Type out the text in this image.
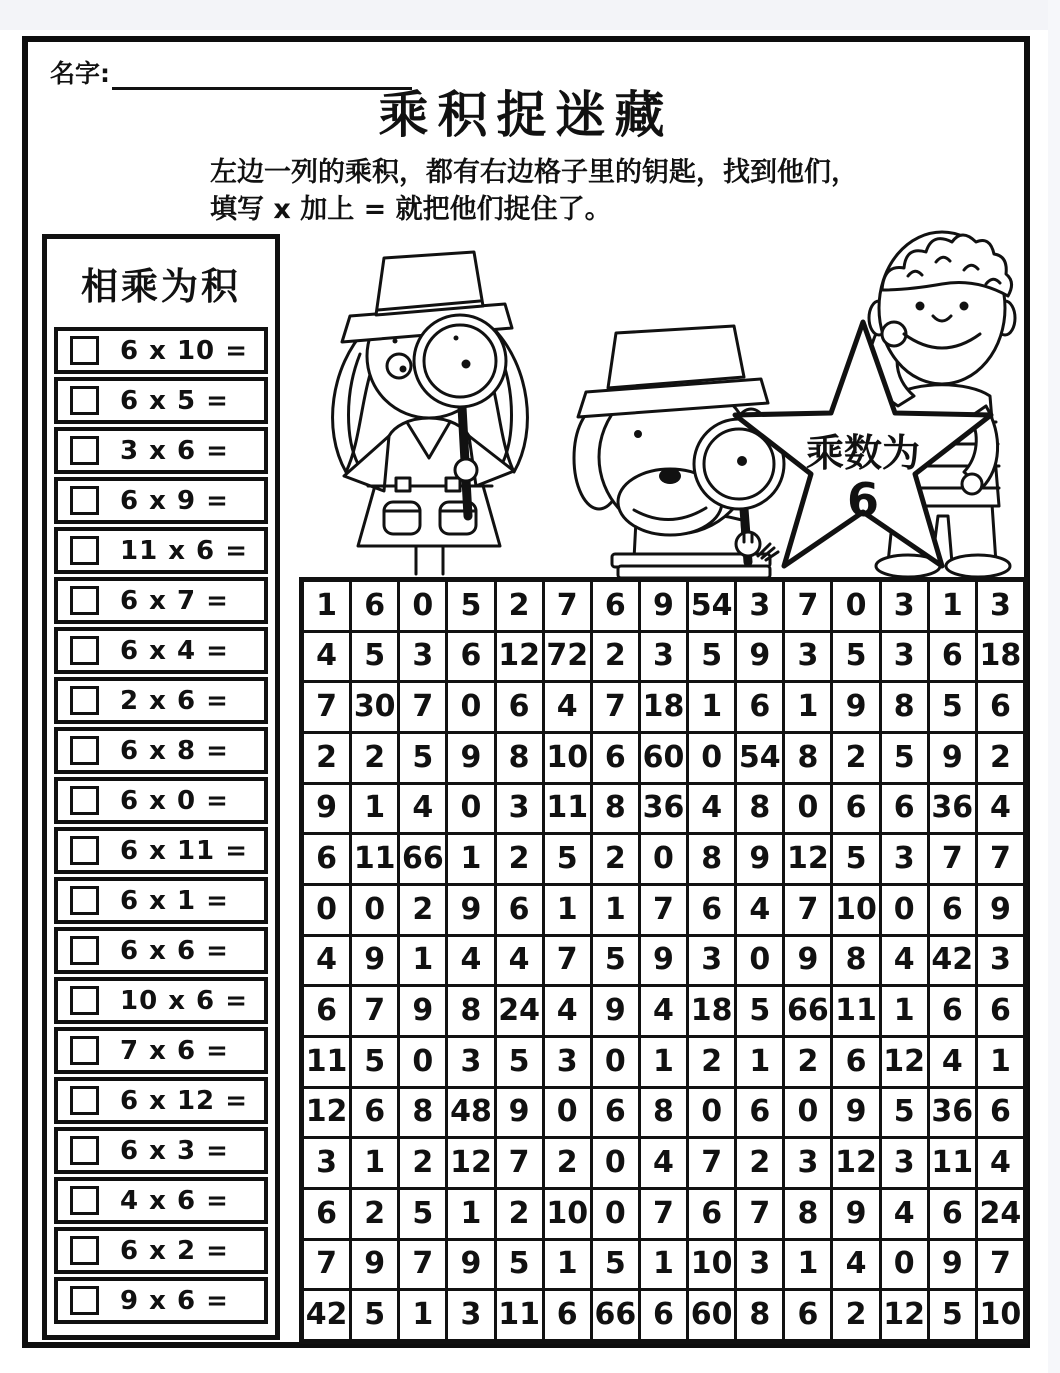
名字:
乘积捉迷藏
左边一列的乘积，都有右边格子里的钥匙，找到他们，
填写 x 加上 = 就把他们捉住了。
相乘为积
6 x 10 =
6 x 5 =
3 x 6 =
6 x 9 =
11 x 6 =
6 x 7 =
6 x 4 =
2 x 6 =
6 x 8 =
6 x 0 =
6 x 11 =
6 x 1 =
6 x 6 =
10 x 6 =
7 x 6 =
6 x 12 =
6 x 3 =
4 x 6 =
6 x 2 =
9 x 6 =
乘数为
6
1 6 0 5 2 7 6 9 54 3 7 0 3 1 3
4 5 3 6 12 72 2 3 5 9 3 5 3 6 18
7 30 7 0 6 4 7 18 1 6 1 9 8 5 6
2 2 5 9 8 10 6 60 0 54 8 2 5 9 2
9 1 4 0 3 11 8 36 4 8 0 6 6 36 4
6 11 66 1 2 5 2 0 8 9 12 5 3 7 7
0 0 2 9 6 1 1 7 6 4 7 10 0 6 9
4 9 1 4 4 7 5 9 3 0 9 8 4 42 3
6 7 9 8 24 4 9 4 18 5 66 11 1 6 6
11 5 0 3 5 3 0 1 2 1 2 6 12 4 1
12 6 8 48 9 0 6 8 0 6 0 9 5 36 6
3 1 2 12 7 2 0 4 7 2 3 12 3 11 4
6 2 5 1 2 10 0 7 6 7 8 9 4 6 24
7 9 7 9 5 1 5 1 10 3 1 4 0 9 7
42 5 1 3 11 6 66 6 60 8 6 2 12 5 10
